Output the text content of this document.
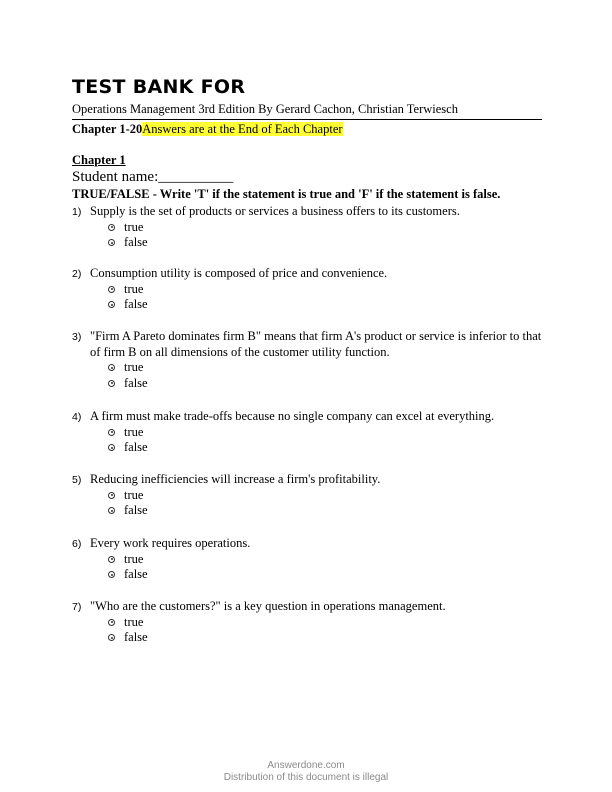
TEST BANK FOR
Operations Management 3rd Edition By Gerard Cachon, Christian Terwiesch
Chapter 1-20Answers are at the End of Each Chapter
Chapter 1
Student name:__________
TRUE/FALSE - Write 'T' if the statement is true and 'F' if the statement is false.
1) Supply is the set of products or services a business offers to its customers.
true
false
2) Consumption utility is composed of price and convenience.
true
false
3) "Firm A Pareto dominates firm B" means that firm A's product or service is inferior to that of firm B on all dimensions of the customer utility function.
true
false
4) A firm must make trade-offs because no single company can excel at everything.
true
false
5) Reducing inefficiencies will increase a firm's profitability.
true
false
6) Every work requires operations.
true
false
7) "Who are the customers?" is a key question in operations management.
true
false
Answerdone.com
Distribution of this document is illegal
